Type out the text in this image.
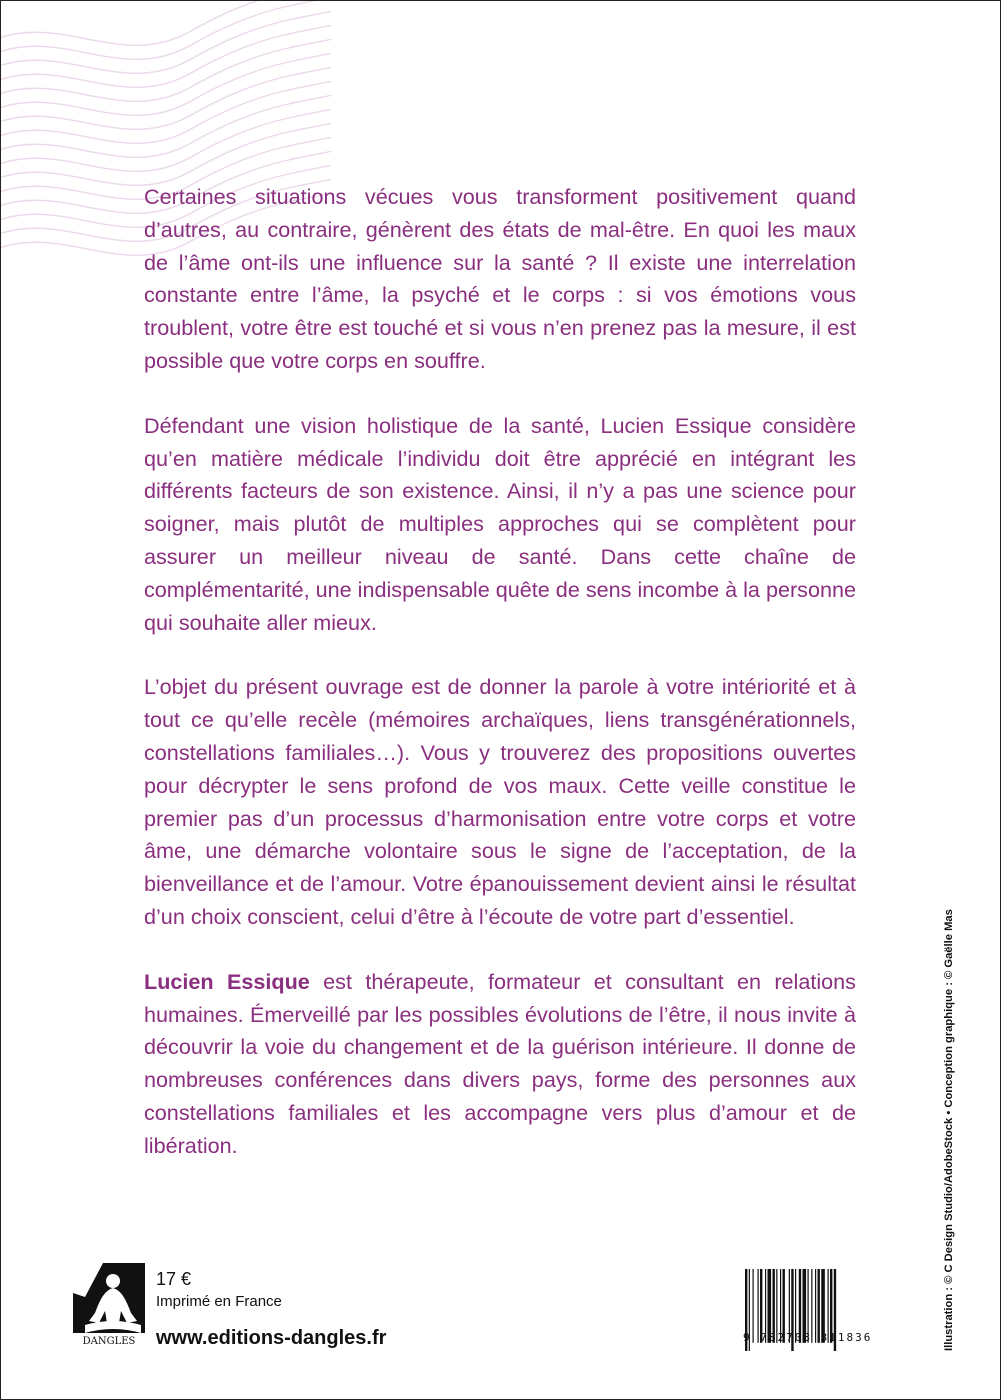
Certaines situations vécues vous transforment positivement quand d’autres, au contraire, génèrent des états de mal-être. En quoi les maux de l’âme ont-ils une influence sur la santé ? Il existe une interrelation constante entre l’âme, la psyché et le corps : si vos émotions vous troublent, votre être est touché et si vous n’en prenez pas la mesure, il est possible que votre corps en souffre.

Défendant une vision holistique de la santé, Lucien Essique considère qu’en matière médicale l’individu doit être apprécié en intégrant les différents facteurs de son existence. Ainsi, il n’y a pas une science pour soigner, mais plutôt de multiples approches qui se complètent pour assurer un meilleur niveau de santé. Dans cette chaîne de complémentarité, une indispensable quête de sens incombe à la personne qui souhaite aller mieux.

L’objet du présent ouvrage est de donner la parole à votre intériorité et à tout ce qu’elle recèle (mémoires archaïques, liens transgénérationnels, constellations familiales…). Vous y trouverez des propositions ouvertes pour décrypter le sens profond de vos maux. Cette veille constitue le premier pas d’un processus d’harmonisation entre votre corps et votre âme, une démarche volontaire sous le signe de l’acceptation, de la bienveillance et de l’amour. Votre épanouissement devient ainsi le résultat d’un choix conscient, celui d’être à l’écoute de votre part d’essentiel.

Lucien Essique est thérapeute, formateur et consultant en relations humaines. Émerveillé par les possibles évolutions de l’être, il nous invite à découvrir la voie du changement et de la guérison intérieure. Il donne de nombreuses conférences dans divers pays, forme des personnes aux constellations familiales et les accompagne vers plus d’amour et de libération.	Illustration : © C Design Studio/AdobeStock • Conception graphique : © Gaëlle Mas
DANGLES
17 €
Imprimé en France
www.editions-dangles.fr	9 782703 311836
